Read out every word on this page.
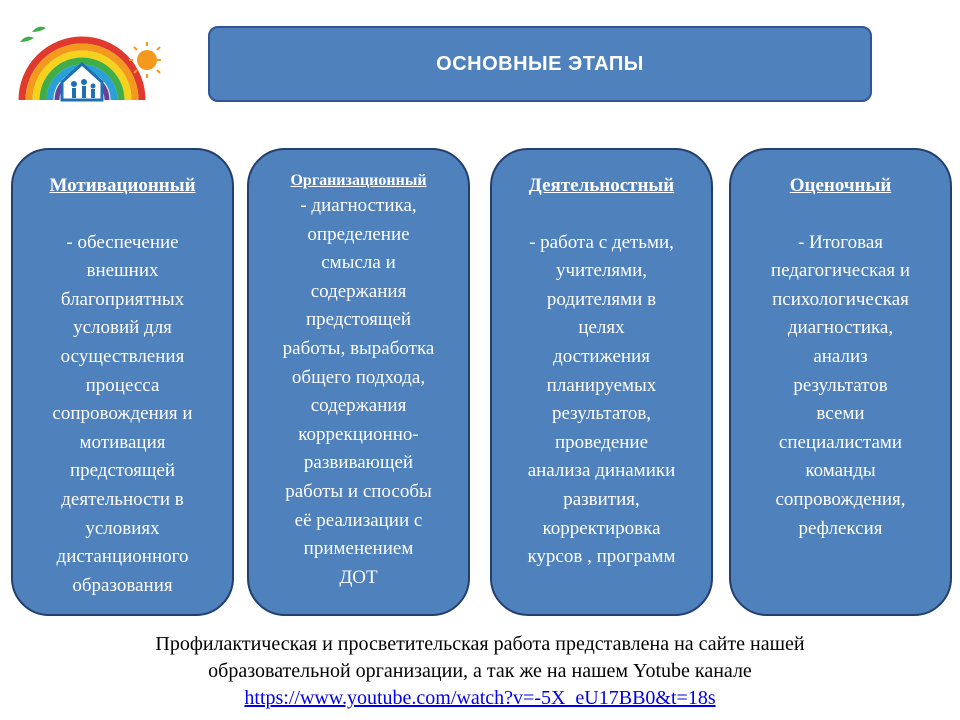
ОСНОВНЫЕ ЭТАПЫ
Мотивационный
- обеспечение
внешних
благоприятных
условий для
осуществления
процесса
сопровождения и
мотивация
предстоящей
деятельности в
условиях
дистанционного
образования
Организационный
- диагностика,
определение
смысла и
содержания
предстоящей
работы, выработка
общего подхода,
содержания
коррекционно-
развивающей
работы и способы
её реализации с
применением
ДОТ
Деятельностный
- работа с детьми,
учителями,
родителями в
целях
достижения
планируемых
результатов,
проведение
анализа динамики
развития,
корректировка
курсов , программ
Оценочный
- Итоговая
педагогическая и
психологическая
диагностика,
анализ
результатов
всеми
специалистами
команды
сопровождения,
рефлексия
Профилактическая и просветительская работа представлена на сайте нашей
образовательной организации, а так же на нашем Yotube канале
https://www.youtube.com/watch?v=-5X_eU17BB0&t=18s
